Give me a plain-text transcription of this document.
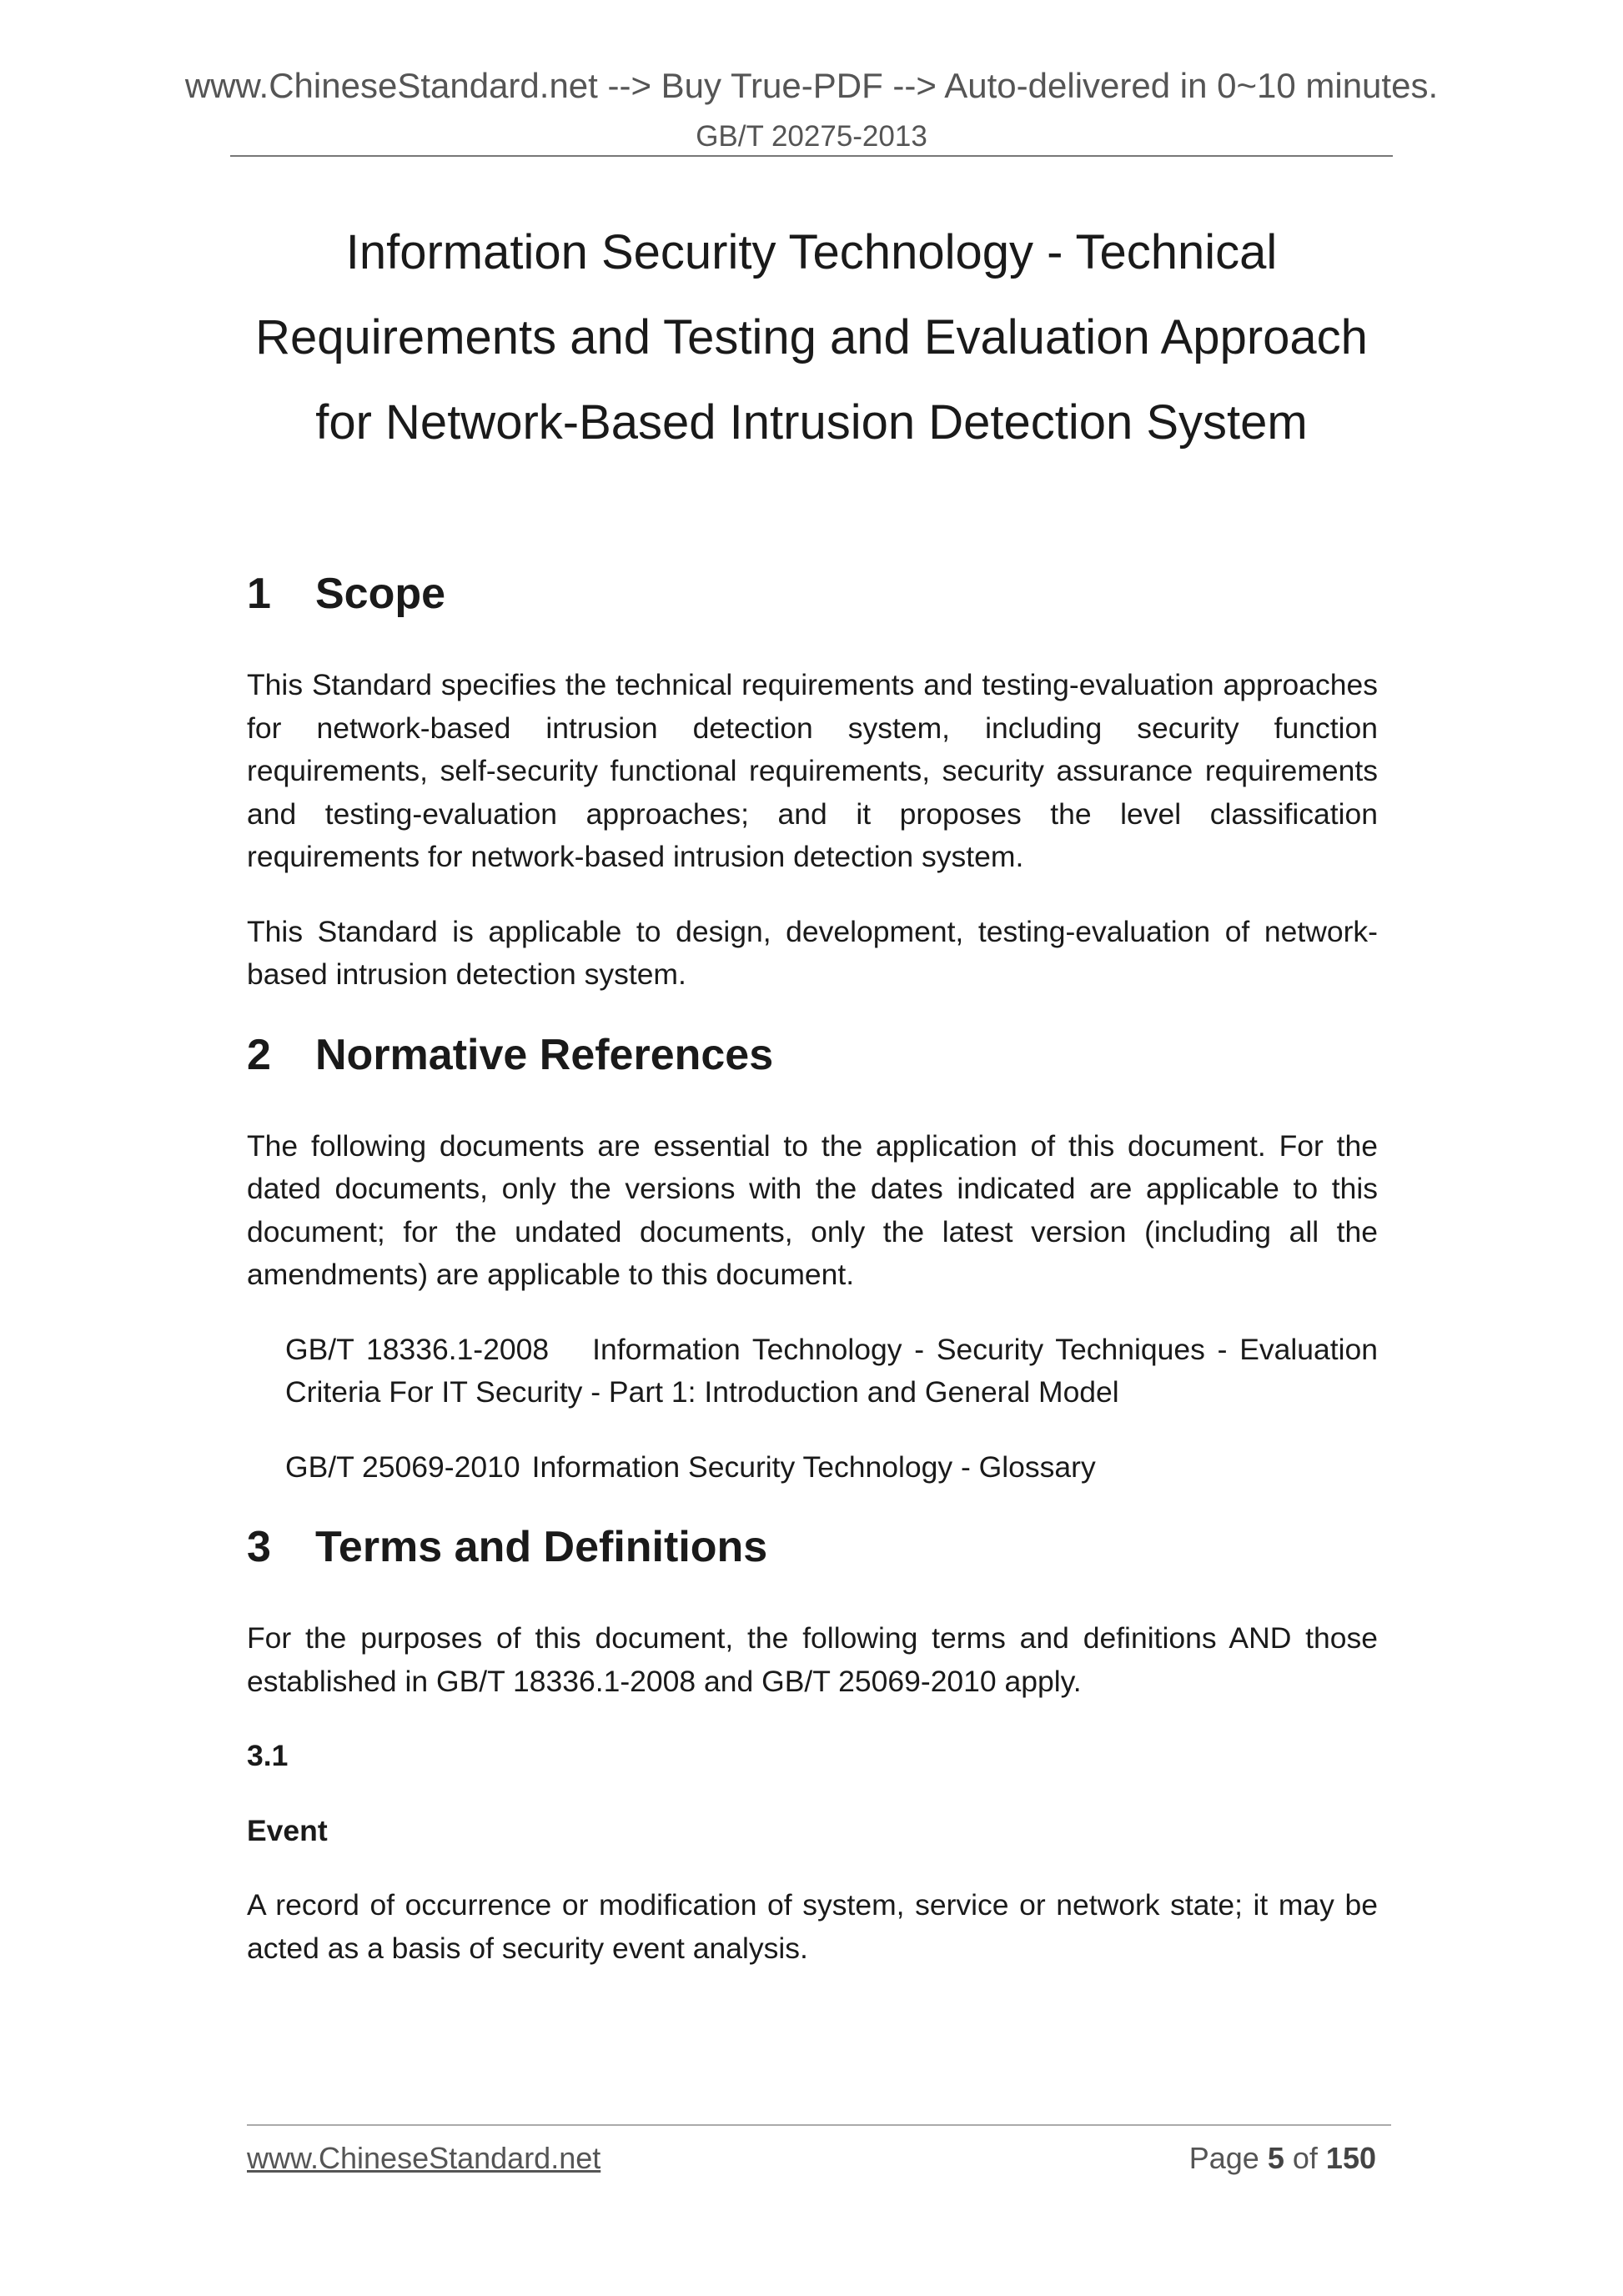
www.ChineseStandard.net --> Buy True-PDF --> Auto-delivered in 0~10 minutes.
GB/T 20275-2013
Information Security Technology - Technical
Requirements and Testing and Evaluation Approach
for Network-Based Intrusion Detection System
1 Scope

This Standard specifies the technical requirements and testing-evaluation approaches for network-based intrusion detection system, including security function requirements, self-security functional requirements, security assurance requirements and testing-evaluation approaches; and it proposes the level classification requirements for network-based intrusion detection system.

This Standard is applicable to design, development, testing-evaluation of network-based intrusion detection system.

2 Normative References

The following documents are essential to the application of this document. For the dated documents, only the versions with the dates indicated are applicable to this document; for the undated documents, only the latest version (including all the amendments) are applicable to this document.

GB/T 18336.1-2008 Information Technology - Security Techniques - Evaluation Criteria For IT Security - Part 1: Introduction and General Model

GB/T 25069-2010 Information Security Technology - Glossary

3 Terms and Definitions

For the purposes of this document, the following terms and definitions AND those established in GB/T 18336.1-2008 and GB/T 25069-2010 apply.

3.1
Event

A record of occurrence or modification of system, service or network state; it may be acted as a basis of security event analysis.

www.ChineseStandard.net	Page 5 of 150
